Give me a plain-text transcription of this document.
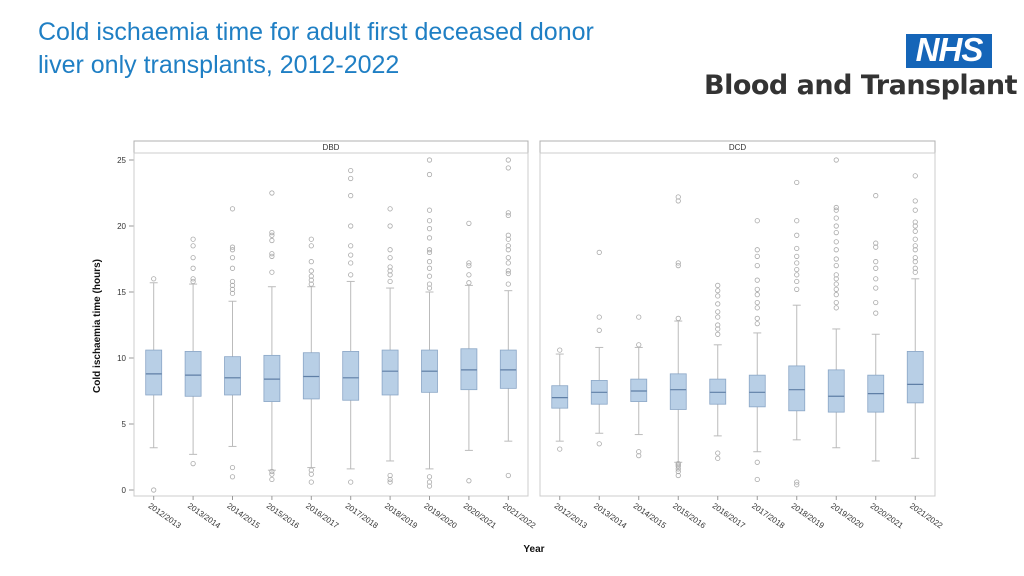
Cold ischaemia time for adult first deceased donor
liver only transplants, 2012-2022	NHS
Blood and Transplant
0
5
10
15
20
25
Cold ischaemia time (hours)
Year
DBD
2012/2013 2013/2014 2014/2015 2015/2016 2016/2017 2017/2018 2018/2019 2019/2020 2020/2021 2021/2022
DCD
2012/2013 2013/2014 2014/2015 2015/2016 2016/2017 2017/2018 2018/2019 2019/2020 2020/2021 2021/2022
